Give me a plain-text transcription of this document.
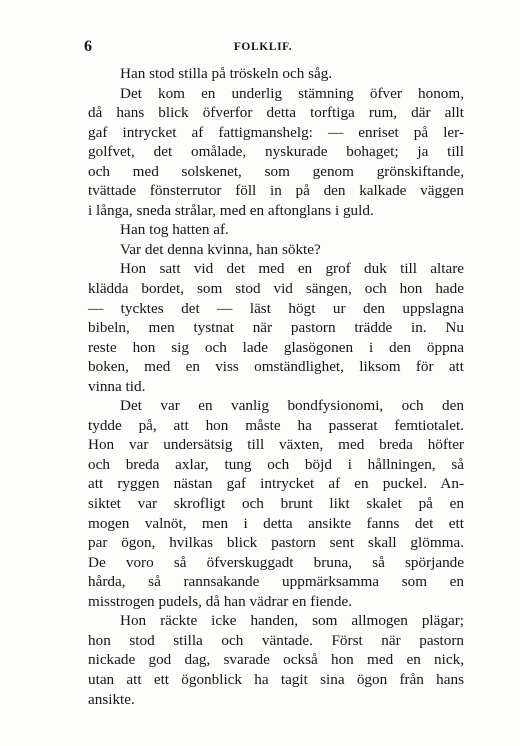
6	FOLKLIF.
Han stod stilla på tröskeln och såg.
Det kom en underlig stämning öfver honom,
då hans blick öfverfor detta torftiga rum, där allt
gaf intrycket af fattigmanshelg: — enriset på ler-
golfvet, det omålade, nyskurade bohaget; ja till
och med solskenet, som genom grönskiftande,
tvättade fönsterrutor föll in på den kalkade väggen
i långa, sneda strålar, med en aftonglans i guld.
Han tog hatten af.
Var det denna kvinna, han sökte?
Hon satt vid det med en grof duk till altare
klädda bordet, som stod vid sängen, och hon hade
— tycktes det — läst högt ur den uppslagna
bibeln, men tystnat när pastorn trädde in. Nu
reste hon sig och lade glasögonen i den öppna
boken, med en viss omständlighet, liksom för att
vinna tid.
Det var en vanlig bondfysionomi, och den
tydde på, att hon måste ha passerat femtiotalet.
Hon var undersätsig till växten, med breda höfter
och breda axlar, tung och böjd i hållningen, så
att ryggen nästan gaf intrycket af en puckel. An-
siktet var skrofligt och brunt likt skalet på en
mogen valnöt, men i detta ansikte fanns det ett
par ögon, hvilkas blick pastorn sent skall glömma.
De voro så öfverskuggadt bruna, så spörjande
hårda, så rannsakande uppmärksamma som en
misstrogen pudels, då han vädrar en fiende.
Hon räckte icke handen, som allmogen plägar;
hon stod stilla och väntade. Först när pastorn
nickade god dag, svarade också hon med en nick,
utan att ett ögonblick ha tagit sina ögon från hans
ansikte.
